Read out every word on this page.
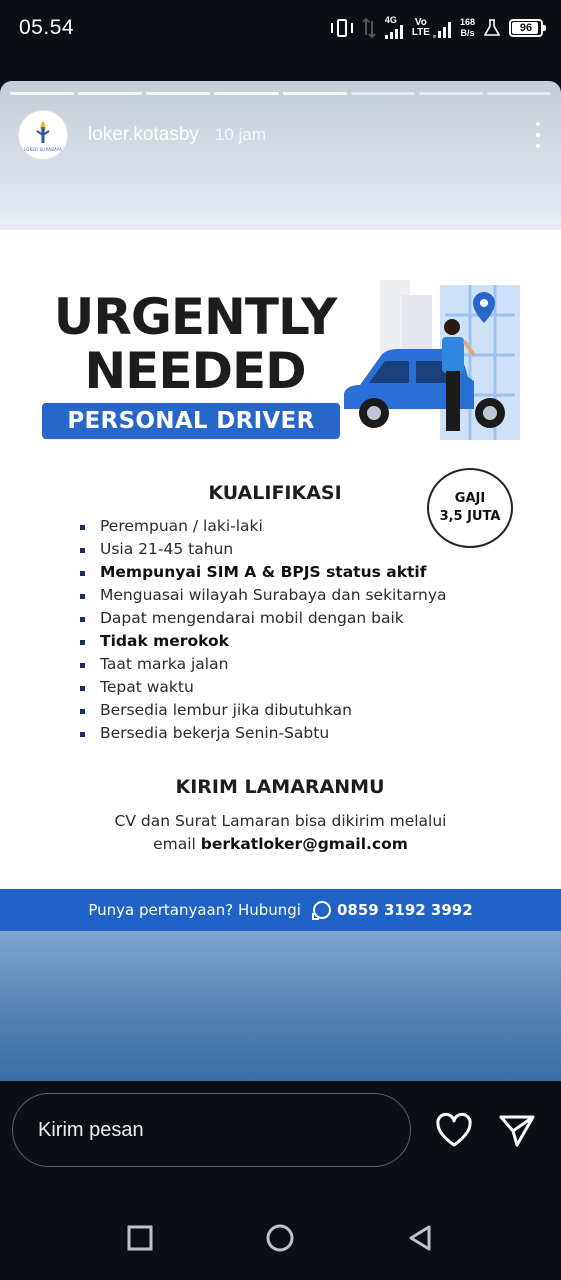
05.54	4G	Vo
LTE
168
B/s	96
LOKER SURABAYA
loker.kotasby 10 jam
URGENTLY
NEEDED
PERSONAL DRIVER
GAJI
3,5 JUTA
KUALIFIKASI
Perempuan / laki-laki
Usia 21-45 tahun
Mempunyai SIM A & BPJS status aktif
Menguasai wilayah Surabaya dan sekitarnya
Dapat mengendarai mobil dengan baik
Tidak merokok
Taat marka jalan
Tepat waktu
Bersedia lembur jika dibutuhkan
Bersedia bekerja Senin-Sabtu
KIRIM LAMARANMU
CV dan Surat Lamaran bisa dikirim melalui
email berkatloker@gmail.com
Punya pertanyaan? Hubungi 0859 3192 3992
Kirim pesan
